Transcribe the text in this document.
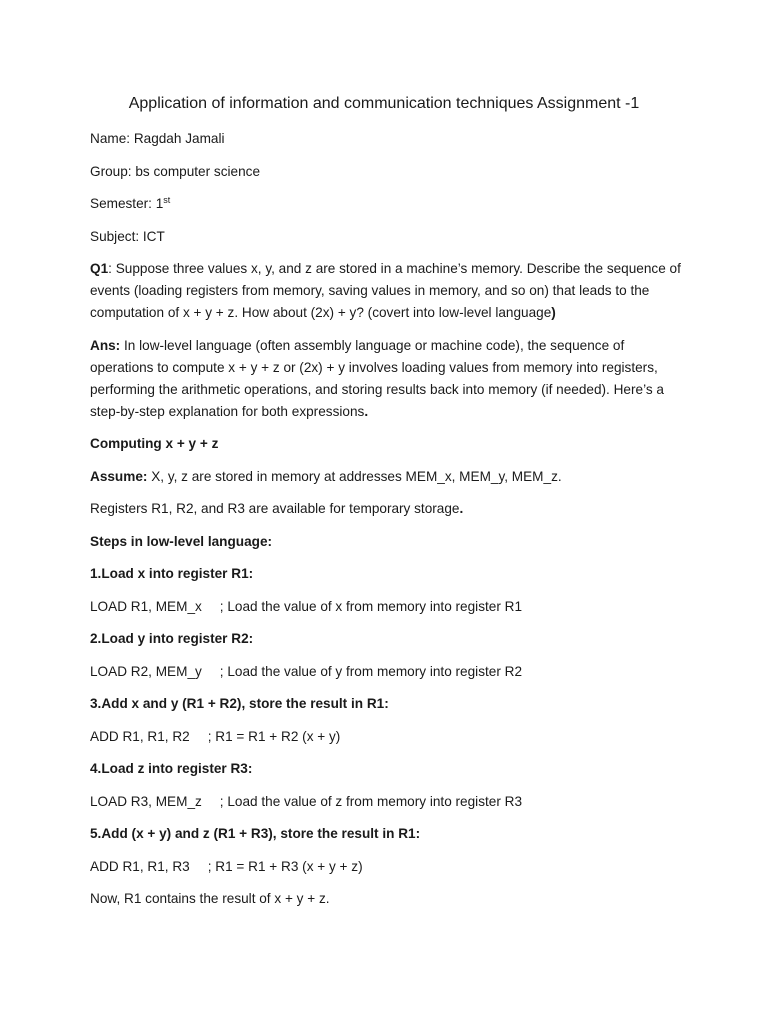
Application of information and communication techniques Assignment -1

Name: Ragdah Jamali

Group: bs computer science

Semester: 1st

Subject: ICT

Q1: Suppose three values x, y, and z are stored in a machine’s memory. Describe the sequence of events (loading registers from memory, saving values in memory, and so on) that leads to the computation of x + y + z. How about (2x) + y? (covert into low-level language)

Ans: In low-level language (often assembly language or machine code), the sequence of operations to compute x + y + z or (2x) + y involves loading values from memory into registers, performing the arithmetic operations, and storing results back into memory (if needed). Here’s a step-by-step explanation for both expressions.

Computing x + y + z

Assume: X, y, z are stored in memory at addresses MEM_x, MEM_y, MEM_z.

Registers R1, R2, and R3 are available for temporary storage.

Steps in low-level language:

1.Load x into register R1:

LOAD R1, MEM_x ; Load the value of x from memory into register R1

2.Load y into register R2:

LOAD R2, MEM_y ; Load the value of y from memory into register R2

3.Add x and y (R1 + R2), store the result in R1:

ADD R1, R1, R2 ; R1 = R1 + R2 (x + y)

4.Load z into register R3:

LOAD R3, MEM_z ; Load the value of z from memory into register R3

5.Add (x + y) and z (R1 + R3), store the result in R1:

ADD R1, R1, R3 ; R1 = R1 + R3 (x + y + z)

Now, R1 contains the result of x + y + z.
